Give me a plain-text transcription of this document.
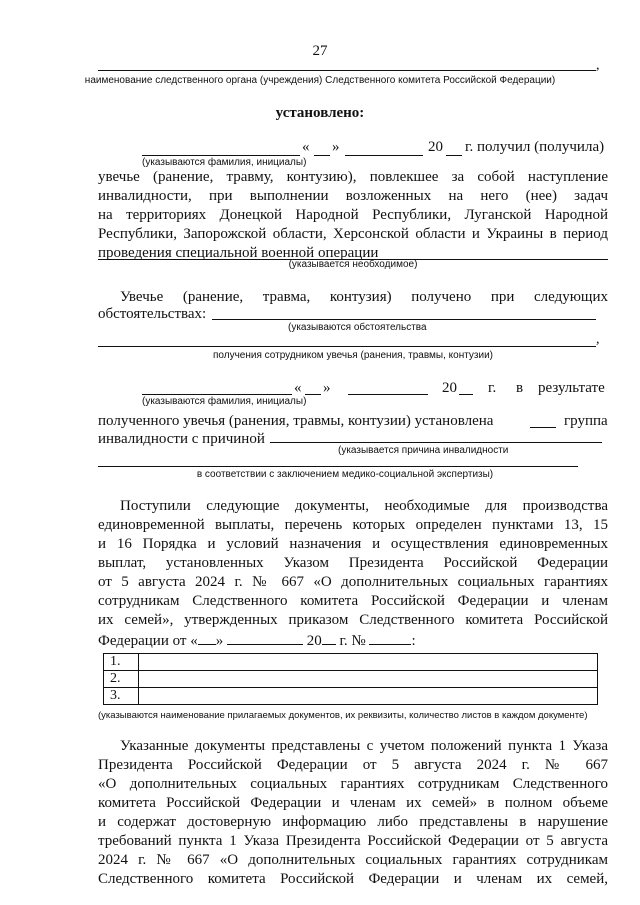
27
,
наименование следственного органа (учреждения) Следственного комитета Российской Федерации)
установлено:
« »	20 г. получил (получила)
(указываются фамилия, инициалы)
увечье (ранение, травму, контузию), повлекшее за собой наступление
инвалидности, при выполнении возложенных на него (нее) задач
на территориях Донецкой Народной Республики, Луганской Народной
Республики, Запорожской области, Херсонской области и Украины в период
проведения специальной военной операции
(указывается необходимое)
Увечье (ранение, травма, контузия) получено при следующих
обстоятельствах:
(указываются обстоятельства
,
получения сотрудником увечья (ранения, травмы, контузии)
« »	20 г. в результате
(указываются фамилия, инициалы)
полученного увечья (ранения, травмы, контузии) установлена	группа
инвалидности с причиной
(указывается причина инвалидности
в соответствии с заключением медико-социальной экспертизы)
Поступили следующие документы, необходимые для производства
единовременной выплаты, перечень которых определен пунктами 13, 15
и 16 Порядка и условий назначения и осуществления единовременных
выплат, установленных Указом Президента Российской Федерации
от 5 августа 2024 г. № 667 «О дополнительных социальных гарантиях
сотрудникам Следственного комитета Российской Федерации и членам
их семей», утвержденных приказом Следственного комитета Российской
Федерации от « »	20 г. №	:
1.	
2.	
3.	
(указываются наименование прилагаемых документов, их реквизиты, количество листов в каждом документе)
Указанные документы представлены с учетом положений пункта 1 Указа
Президента Российской Федерации от 5 августа 2024 г. № 667
«О дополнительных социальных гарантиях сотрудникам Следственного
комитета Российской Федерации и членам их семей» в полном объеме
и содержат достоверную информацию либо представлены в нарушение
требований пункта 1 Указа Президента Российской Федерации от 5 августа
2024 г. № 667 «О дополнительных социальных гарантиях сотрудникам
Следственного комитета Российской Федерации и членам их семей,
